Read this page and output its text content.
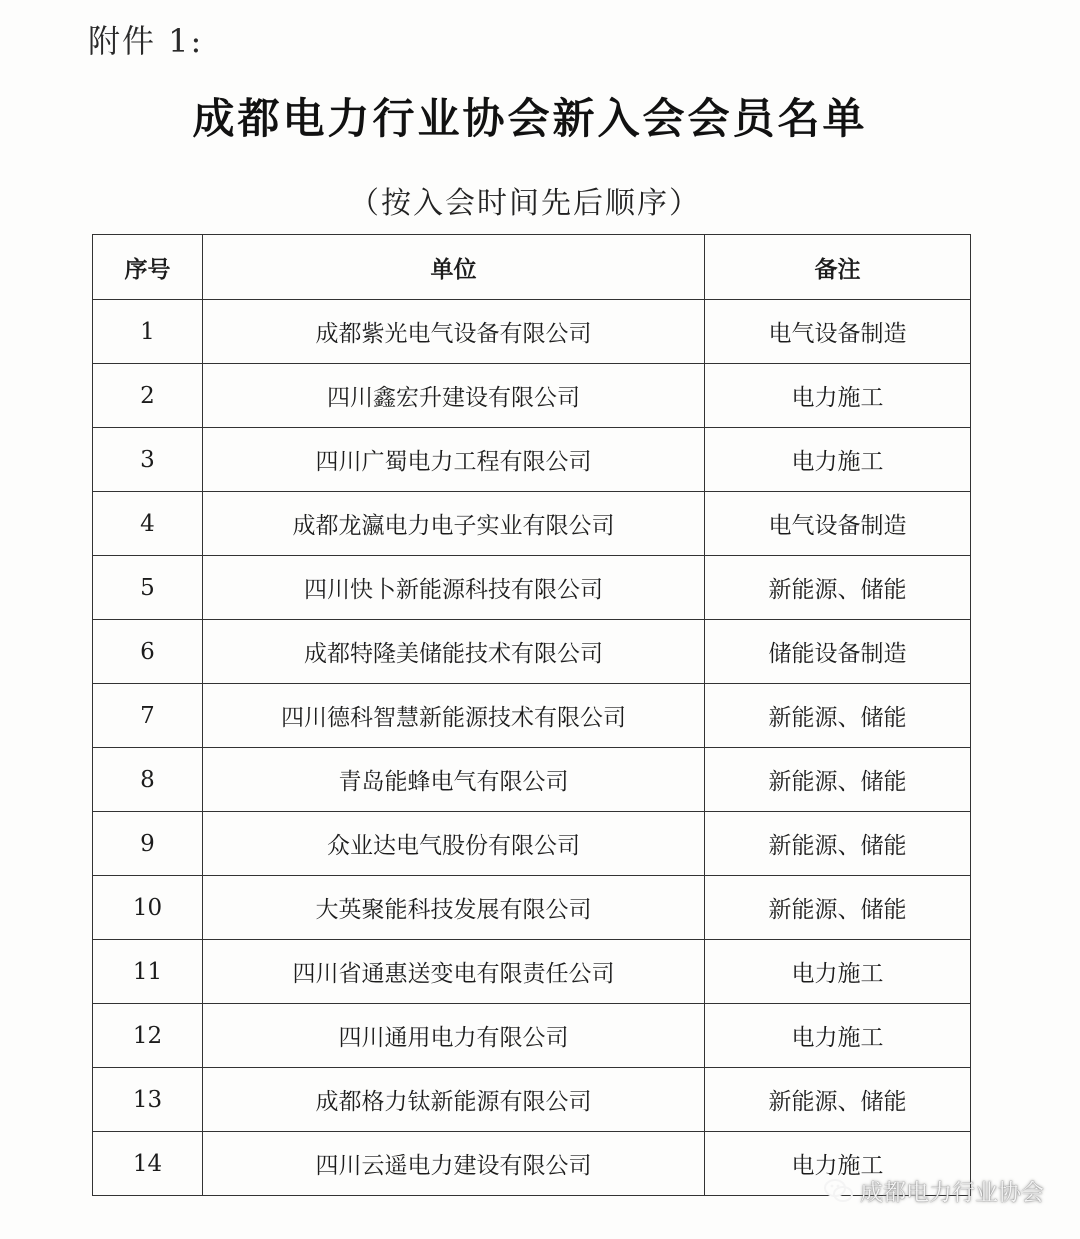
附件 1:
成都电力行业协会新入会会员名单
（按入会时间先后顺序）
序号	单位	备注
1	成都紫光电气设备有限公司	电气设备制造
2	四川鑫宏升建设有限公司	电力施工
3	四川广蜀电力工程有限公司	电力施工
4	成都龙瀛电力电子实业有限公司	电气设备制造
5	四川快卜新能源科技有限公司	新能源、储能
6	成都特隆美储能技术有限公司	储能设备制造
7	四川德科智慧新能源技术有限公司	新能源、储能
8	青岛能蜂电气有限公司	新能源、储能
9	众业达电气股份有限公司	新能源、储能
10	大英聚能科技发展有限公司	新能源、储能
11	四川省通惠送变电有限责任公司	电力施工
12	四川通用电力有限公司	电力施工
13	成都格力钛新能源有限公司	新能源、储能
14	四川云遥电力建设有限公司	电力施工
成都电力行业协会
